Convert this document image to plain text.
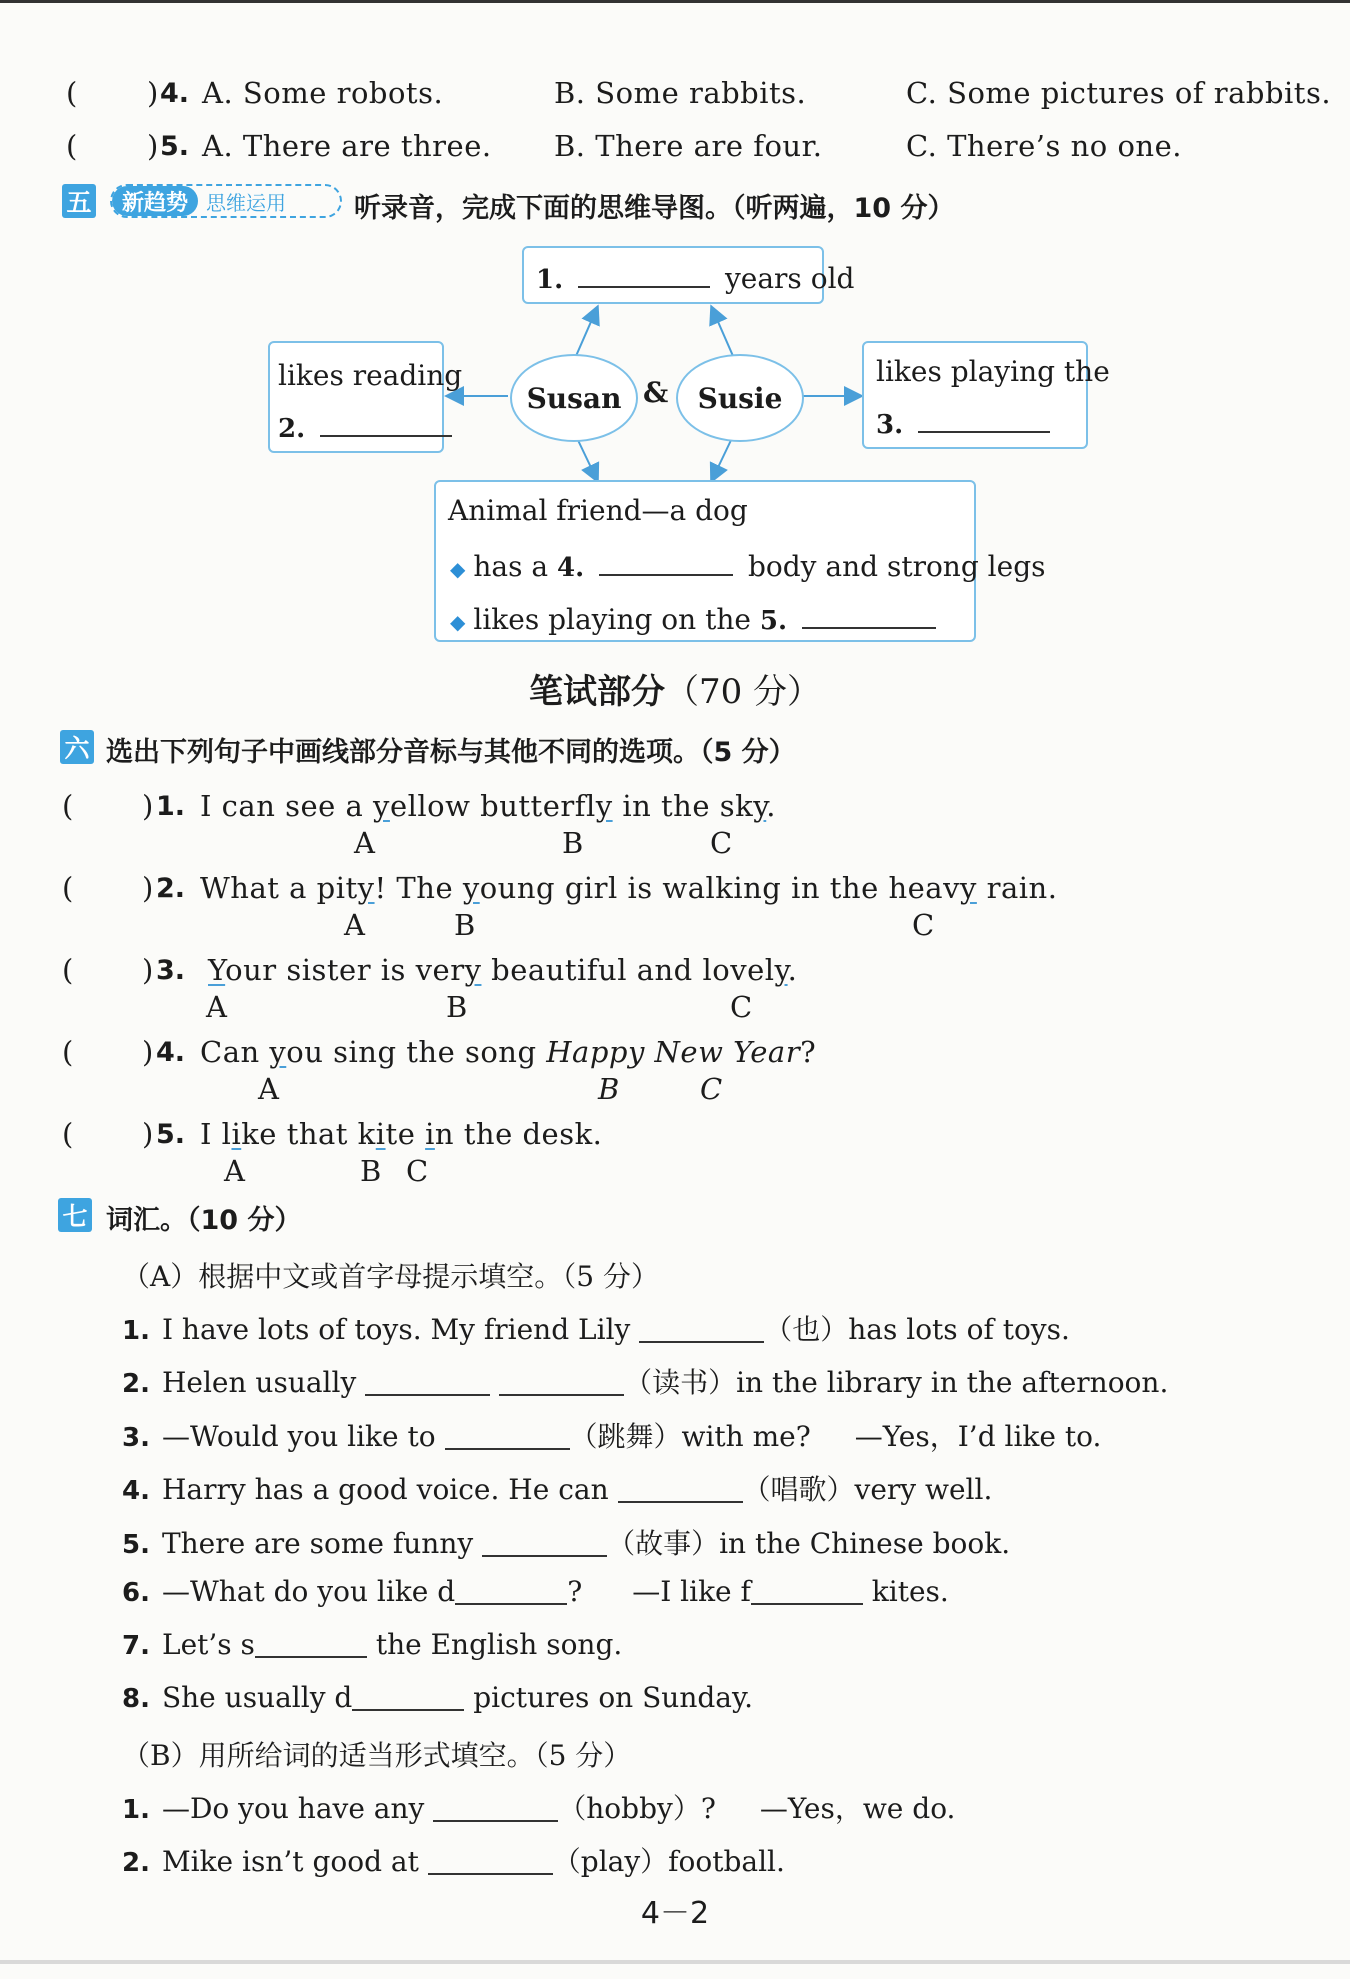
( ) 4. A. Some robots.	B. Some rabbits.	C. Some pictures of rabbits.
( ) 5. A. There are three. B. There are four.	C. There’s no one.
五	新趋势 思维运用	听录音，完成下面的思维导图。（听两遍，10 分）
1.	years old
likes reading
2.
likes playing the
3.
Susan &	Susie
Animal friend—a dog
◆ has a 4.	body and strong legs
◆ likes playing on the 5.
笔试部分（70 分）
六 选出下列句子中画线部分音标与其他不同的选项。（5 分）
( ) 1. I can see a yellow butterfly in the sky.
A	B	C
( ) 2. What a pity! The young girl is walking in the heavy rain.
A	B	C
( ) 3. Your sister is very beautiful and lovely.
A	B	C
( ) 4. Can you sing the song Happy New Year?
A	B	C
( ) 5. I like that kite in the desk.
A	B C
七 词汇。（10 分）
（A）根据中文或首字母提示填空。（5 分）
1. I have lots of toys. My friend Lily	（也）has lots of toys.
2. Helen usually	（读书）in the library in the afternoon.
3. —Would you like to	（跳舞）with me? —Yes，I’d like to.
4. Harry has a good voice. He can	（唱歌）very well.
5. There are some funny	（故事）in the Chinese book.
6. —What do you like d	? —I like f	kites.
7. Let’s s	the English song.
8. She usually d	pictures on Sunday.
（B）用所给词的适当形式填空。（5 分）
1. —Do you have any	（hobby）? —Yes，we do.
2. Mike isn’t good at	（play）football.
4－2
